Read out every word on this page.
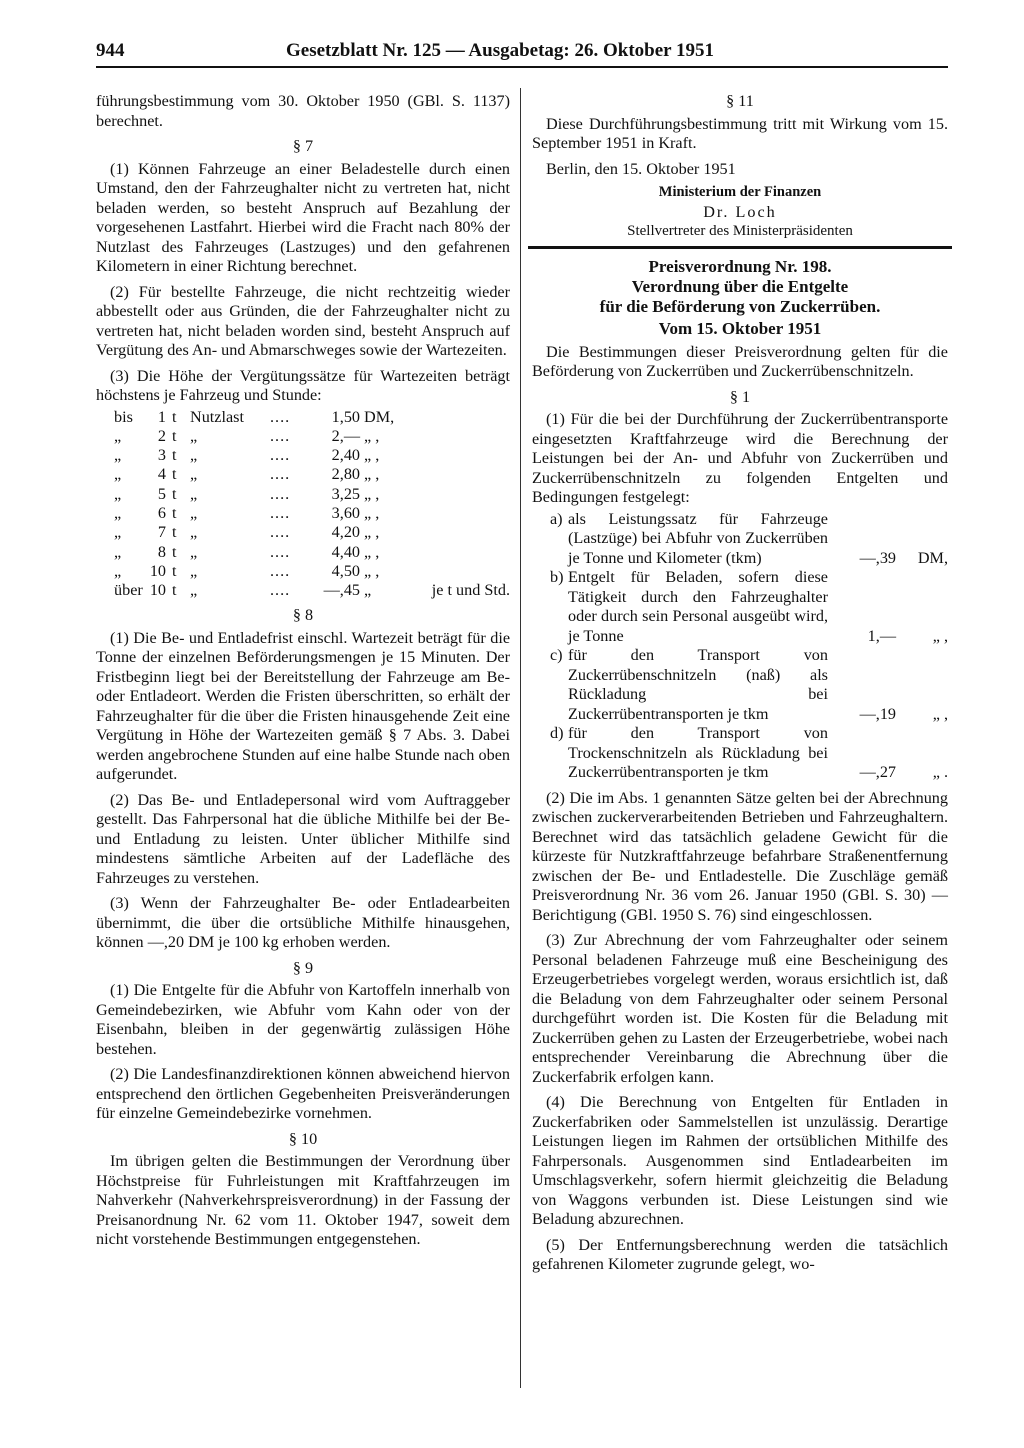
944	Gesetzblatt Nr. 125 — Ausgabetag: 26. Oktober 1951

führungsbestimmung vom 30. Oktober 1950 (GBl. S. 1137) berechnet.

§ 7

(1) Können Fahrzeuge an einer Beladestelle durch einen Umstand, den der Fahrzeughalter nicht zu vertreten hat, nicht beladen werden, so besteht Anspruch auf Bezahlung der vorgesehenen Lastfahrt. Hierbei wird die Fracht nach 80% der Nutzlast des Fahrzeuges (Lastzuges) und den gefahrenen Kilometern in einer Richtung berechnet.

(2) Für bestellte Fahrzeuge, die nicht rechtzeitig wieder abbestellt oder aus Gründen, die der Fahrzeughalter nicht zu vertreten hat, nicht beladen worden sind, besteht Anspruch auf Vergütung des An- und Abmarschweges sowie der Wartezeiten.

(3) Die Höhe der Vergütungssätze für Wartezeiten beträgt höchstens je Fahrzeug und Stunde:

bis	1 t Nutzlast	....	1,50 DM,
„	2 t „	....	2,— „ ,
„	3 t „	....	2,40 „ ,
„	4 t „	....	2,80 „ ,
„	5 t „	....	3,25 „ ,
„	6 t „	....	3,60 „ ,
„	7 t „	....	4,20 „ ,
„	8 t „	....	4,40 „ ,
„	10 t „	....	4,50 „ ,
über 10 t „	....	—,45 „	je t und Std.
§ 8

(1) Die Be- und Entladefrist einschl. Wartezeit beträgt für die Tonne der einzelnen Beförderungsmengen je 15 Minuten. Der Fristbeginn liegt bei der Bereitstellung der Fahrzeuge am Be- oder Entladeort. Werden die Fristen überschritten, so erhält der Fahrzeughalter für die über die Fristen hinausgehende Zeit eine Vergütung in Höhe der Wartezeiten gemäß § 7 Abs. 3. Dabei werden angebrochene Stunden auf eine halbe Stunde nach oben aufgerundet.

(2) Das Be- und Entladepersonal wird vom Auftraggeber gestellt. Das Fahrpersonal hat die übliche Mithilfe bei der Be- und Entladung zu leisten. Unter üblicher Mithilfe sind mindestens sämtliche Arbeiten auf der Ladefläche des Fahrzeuges zu verstehen.

(3) Wenn der Fahrzeughalter Be- oder Entladearbeiten übernimmt, die über die ortsübliche Mithilfe hinausgehen, können —,20 DM je 100 kg erhoben werden.

§ 9

(1) Die Entgelte für die Abfuhr von Kartoffeln innerhalb von Gemeindebezirken, wie Abfuhr vom Kahn oder von der Eisenbahn, bleiben in der gegenwärtig zulässigen Höhe bestehen.

(2) Die Landesfinanzdirektionen können abweichend hiervon entsprechend den örtlichen Gegebenheiten Preisveränderungen für einzelne Gemeindebezirke vornehmen.

§ 10

Im übrigen gelten die Bestimmungen der Verordnung über Höchstpreise für Fuhrleistungen mit Kraftfahrzeugen im Nahverkehr (Nahverkehrspreisverordnung) in der Fassung der Preisanordnung Nr. 62 vom 11. Oktober 1947, soweit dem nicht vorstehende Bestimmungen entgegenstehen.

§ 11

Diese Durchführungsbestimmung tritt mit Wirkung vom 15. September 1951 in Kraft.

Berlin, den 15. Oktober 1951

Ministerium der Finanzen

Dr. Loch

Stellvertreter des Ministerpräsidenten

Preisverordnung Nr. 198.

Verordnung über die Entgelte

für die Beförderung von Zuckerrüben.

Vom 15. Oktober 1951

Die Bestimmungen dieser Preisverordnung gelten für die Beförderung von Zuckerrüben und Zuckerrübenschnitzeln.

§ 1

(1) Für die bei der Durchführung der Zuckerrübentransporte eingesetzten Kraftfahrzeuge wird die Berechnung der Leistungen bei der An- und Abfuhr von Zuckerrüben und Zuckerrübenschnitzeln zu folgenden Entgelten und Bedingungen festgelegt:

a) als Leistungssatz für Fahrzeuge (Lastzüge) bei Abfuhr von Zuckerrüben je Tonne und Kilometer (tkm)	—,39	DM,
b) Entgelt für Beladen, sofern diese Tätigkeit durch den Fahrzeughalter oder durch sein Personal ausgeübt wird, je Tonne	1,—	„ ,
c) für den Transport von Zuckerrübenschnitzeln (naß) als Rückladung bei Zuckerrübentransporten je tkm	—,19	„ ,
d) für den Transport von Trockenschnitzeln als Rückladung bei Zuckerrübentransporten je tkm	—,27	„ .

(2) Die im Abs. 1 genannten Sätze gelten bei der Abrechnung zwischen zuckerverarbeitenden Betrieben und Fahrzeughaltern. Berechnet wird das tatsächlich geladene Gewicht für die kürzeste für Nutzkraftfahrzeuge befahrbare Straßenentfernung zwischen der Be- und Entladestelle. Die Zuschläge gemäß Preisverordnung Nr. 36 vom 26. Januar 1950 (GBl. S. 30) — Berichtigung (GBl. 1950 S. 76) sind eingeschlossen.

(3) Zur Abrechnung der vom Fahrzeughalter oder seinem Personal beladenen Fahrzeuge muß eine Bescheinigung des Erzeugerbetriebes vorgelegt werden, woraus ersichtlich ist, daß die Beladung von dem Fahrzeughalter oder seinem Personal durchgeführt worden ist. Die Kosten für die Beladung mit Zuckerrüben gehen zu Lasten der Erzeugerbetriebe, wobei nach entsprechender Vereinbarung die Abrechnung über die Zuckerfabrik erfolgen kann.

(4) Die Berechnung von Entgelten für Entladen in Zuckerfabriken oder Sammelstellen ist unzulässig. Derartige Leistungen liegen im Rahmen der ortsüblichen Mithilfe des Fahrpersonals. Ausgenommen sind Entladearbeiten im Umschlagsverkehr, sofern hiermit gleichzeitig die Beladung von Waggons verbunden ist. Diese Leistungen sind wie Beladung abzurechnen.

(5) Der Entfernungsberechnung werden die tatsächlich gefahrenen Kilometer zugrunde gelegt, wo-
